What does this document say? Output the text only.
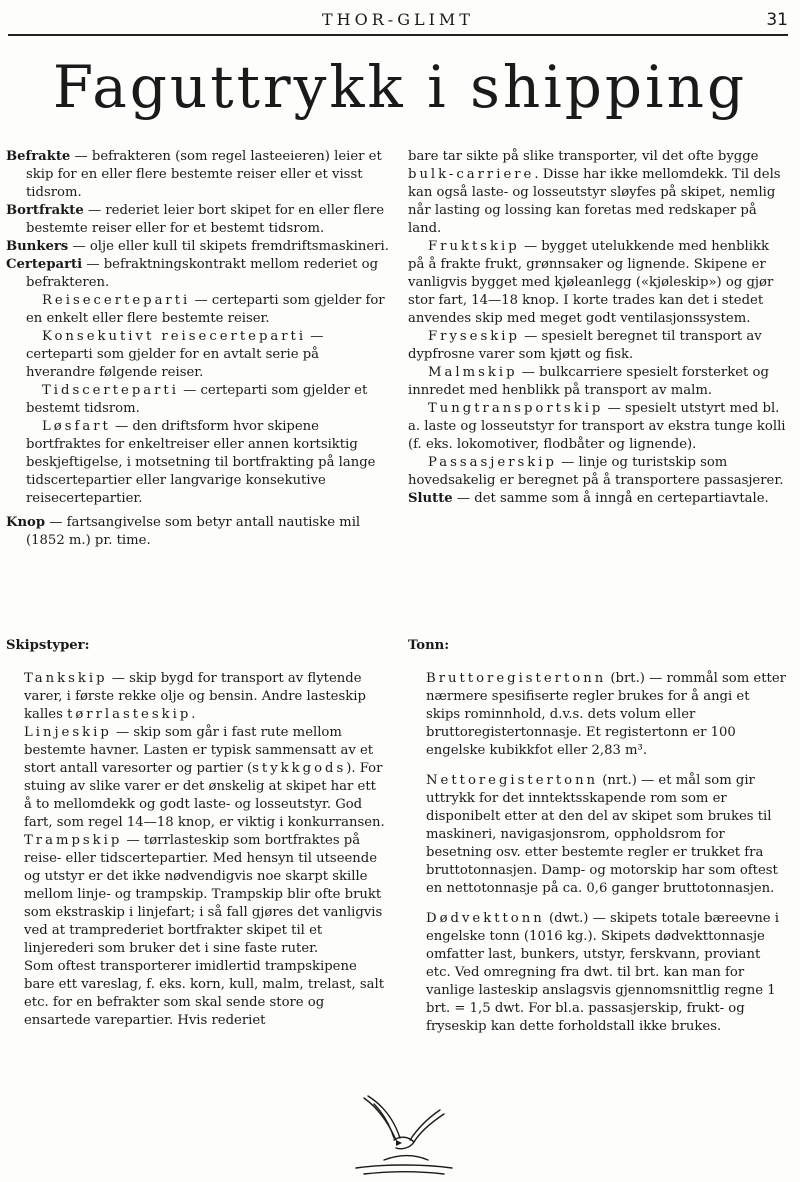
THOR-GLIMT	31
Faguttrykk i shipping

Befrakte — befrakteren (som regel lasteeieren) leier et skip for en eller flere bestemte reiser eller et visst tidsrom.

Bortfrakte — rederiet leier bort skipet for en eller flere bestemte reiser eller for et bestemt tidsrom.

Bunkers — olje eller kull til skipets fremdriftsmaskineri.

Certeparti — befraktningskontrakt mellom rederiet og befrakteren.

Reisecerteparti — certeparti som gjelder for en enkelt eller flere bestemte reiser.

Konsekutivt reisecerteparti — certeparti som gjelder for en avtalt serie på hverandre følgende reiser.

Tidscerteparti — certeparti som gjelder et bestemt tidsrom.

Løsfart — den driftsform hvor skipene bortfraktes for enkeltreiser eller annen kortsiktig beskjeftigelse, i motsetning til bortfrakting på lange tidscertepartier eller langvarige konsekutive reisecertepartier.

Knop — fartsangivelse som betyr antall nautiske mil (1852 m.) pr. time.

bare tar sikte på slike transporter, vil det ofte bygge bulk-carriere. Disse har ikke mellomdekk. Til dels kan også laste- og losseutstyr sløyfes på skipet, nemlig når lasting og lossing kan foretas med redskaper på land.

Fruktskip — bygget utelukkende med henblikk på å frakte frukt, grønnsaker og lignende. Skipene er vanligvis bygget med kjøleanlegg («kjøleskip») og gjør stor fart, 14—18 knop. I korte trades kan det i stedet anvendes skip med meget godt ventilasjonssystem.

Fryseskip — spesielt beregnet til transport av dypfrosne varer som kjøtt og fisk.

Malmskip — bulkcarriere spesielt forsterket og innredet med henblikk på transport av malm.

Tungtransportskip — spesielt utstyrt med bl. a. laste og losseutstyr for transport av ekstra tunge kolli (f. eks. lokomotiver, flodbåter og lignende).

Passasjerskip — linje og turistskip som hovedsakelig er beregnet på å transportere passasjerer.

Slutte — det samme som å inngå en certepartiavtale.

Skipstyper:	Tonn:

Tankskip — skip bygd for transport av flytende varer, i første rekke olje og bensin. Andre lasteskip kalles tørrlasteskip.

Linjeskip — skip som går i fast rute mellom bestemte havner. Lasten er typisk sammensatt av et stort antall varesorter og partier (stykkgods). For stuing av slike varer er det ønskelig at skipet har ett å to mellomdekk og godt laste- og losseutstyr. God fart, som regel 14—18 knop, er viktig i konkurransen.

Trampskip — tørrlasteskip som bortfraktes på reise- eller tidscertepartier. Med hensyn til utseende og utstyr er det ikke nødvendigvis noe skarpt skille mellom linje- og trampskip. Trampskip blir ofte brukt som ekstraskip i linjefart; i så fall gjøres det vanligvis ved at tramprederiet bortfrakter skipet til et linjerederi som bruker det i sine faste ruter.

Som oftest transporterer imidlertid trampskipene bare ett vareslag, f. eks. korn, kull, malm, trelast, salt etc. for en befrakter som skal sende store og ensartede varepartier. Hvis rederiet

Bruttoregistertonn (brt.) — rommål som etter nærmere spesifiserte regler brukes for å angi et skips rominnhold, d.v.s. dets volum eller bruttoregistertonnasje. Et registertonn er 100 engelske kubikkfot eller 2,83 m³.

Nettoregistertonn (nrt.) — et mål som gir uttrykk for det inntektsskapende rom som er disponibelt etter at den del av skipet som brukes til maskineri, navigasjonsrom, oppholdsrom for besetning osv. etter bestemte regler er trukket fra bruttotonnasjen. Damp- og motorskip har som oftest en nettotonnasje på ca. 0,6 ganger bruttotonnasjen.

Dødvekttonn (dwt.) — skipets totale bæreevne i engelske tonn (1016 kg.). Skipets dødvekttonnasje omfatter last, bunkers, utstyr, ferskvann, proviant etc. Ved omregning fra dwt. til brt. kan man for vanlige lasteskip anslagsvis gjennomsnittlig regne 1 brt. = 1,5 dwt. For bl.a. passasjerskip, frukt- og fryseskip kan dette forholdstall ikke brukes.
